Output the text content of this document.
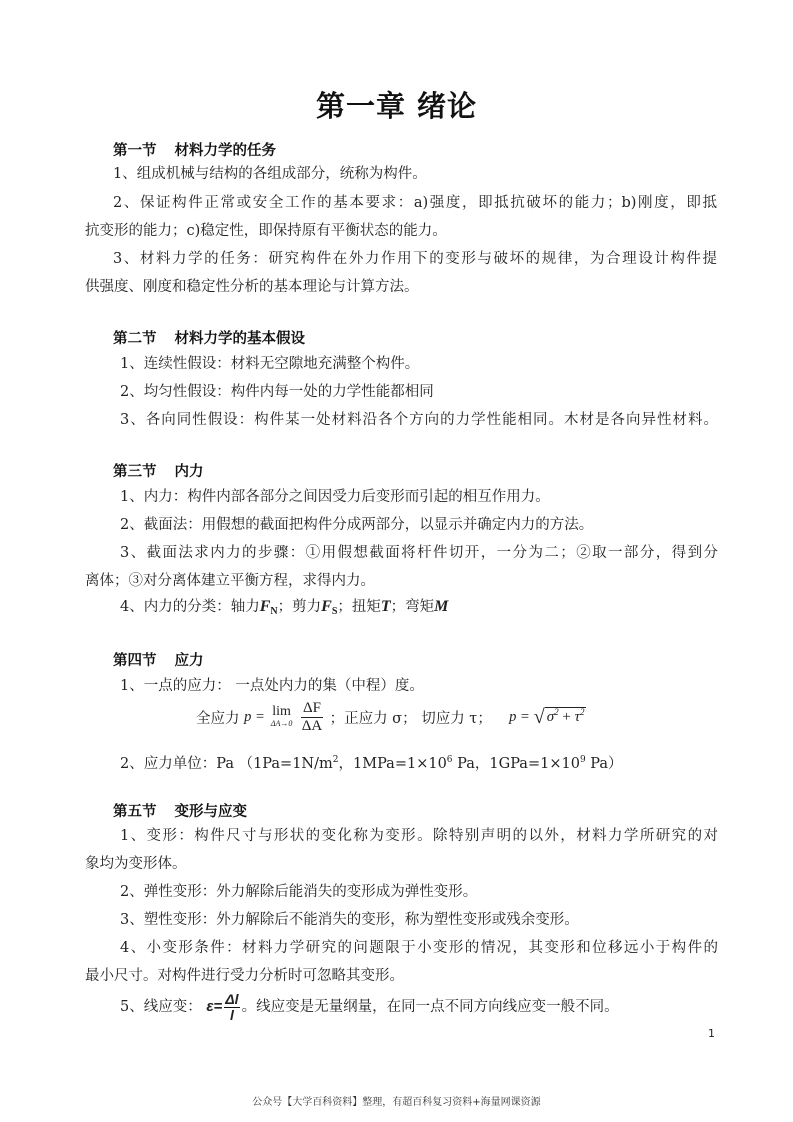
第一章 绪论
第一节 材料力学的任务
1、组成机械与结构的各组成部分，统称为构件。
2、保证构件正常或安全工作的基本要求：a)强度，即抵抗破坏的能力；b)刚度，即抵
抗变形的能力；c)稳定性，即保持原有平衡状态的能力。
3、材料力学的任务：研究构件在外力作用下的变形与破坏的规律，为合理设计构件提
供强度、刚度和稳定性分析的基本理论与计算方法。
第二节 材料力学的基本假设
1、连续性假设：材料无空隙地充满整个构件。
2、均匀性假设：构件内每一处的力学性能都相同
3、各向同性假设：构件某一处材料沿各个方向的力学性能相同。木材是各向异性材料。
第三节 内力
1、内力：构件内部各部分之间因受力后变形而引起的相互作用力。
2、截面法：用假想的截面把构件分成两部分，以显示并确定内力的方法。
3、截面法求内力的步骤：①用假想截面将杆件切开，一分为二；②取一部分，得到分
离体；③对分离体建立平衡方程，求得内力。
4、内力的分类：轴力$F_N$；剪力$F_S$；扭矩T；弯矩M
第四节 应力
1、一点的应力： 一点处内力的集（中程）度。
全应力 p = lim
ΔA→0
$\frac{\Delta F}{\Delta A}$ ；正应力 σ； 切应力 τ； p = √ $\sigma^2 + \tau^2$
2、应力单位：Pa （$1Pa=1N/m^2$，$1MPa=1\times 10^6$ Pa，$1GPa=1\times 10^9$ Pa）
第五节 变形与应变
1、变形：构件尺寸与形状的变化称为变形。除特别声明的以外，材料力学所研究的对
象均为变形体。
2、弹性变形：外力解除后能消失的变形成为弹性变形。
3、塑性变形：外力解除后不能消失的变形，称为塑性变形或残余变形。
4、小变形条件：材料力学研究的问题限于小变形的情况，其变形和位移远小于构件的
最小尺寸。对构件进行受力分析时可忽略其变形。
5、线应变： $\varepsilon= \frac{\Delta l}{l}$ 。线应变是无量纲量，在同一点不同方向线应变一般不同。
1
公众号【大学百科资料】整理，有超百科复习资料+海量网课资源
